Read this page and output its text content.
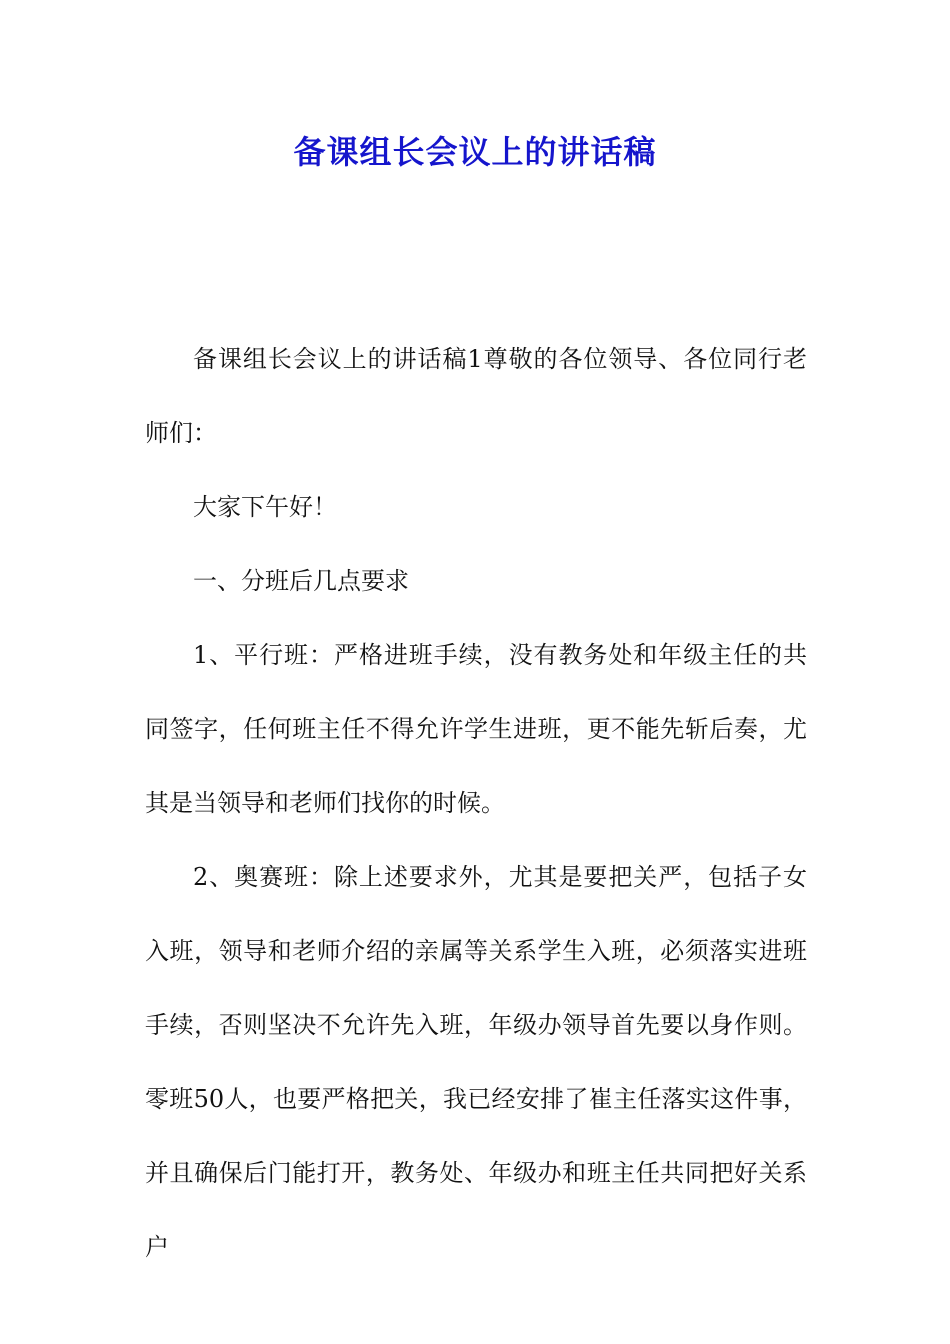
备课组长会议上的讲话稿

备课组长会议上的讲话稿1尊敬的各位领导、各位同行老师们：

大家下午好！

一、分班后几点要求

1、平行班：严格进班手续，没有教务处和年级主任的共同签字，任何班主任不得允许学生进班，更不能先斩后奏，尤其是当领导和老师们找你的时候。

2、奥赛班：除上述要求外，尤其是要把关严，包括子女入班，领导和老师介绍的亲属等关系学生入班，必须落实进班手续，否则坚决不允许先入班，年级办领导首先要以身作则。零班50人，也要严格把关，我已经安排了崔主任落实这件事，并且确保后门能打开，教务处、年级办和班主任共同把好关系户
